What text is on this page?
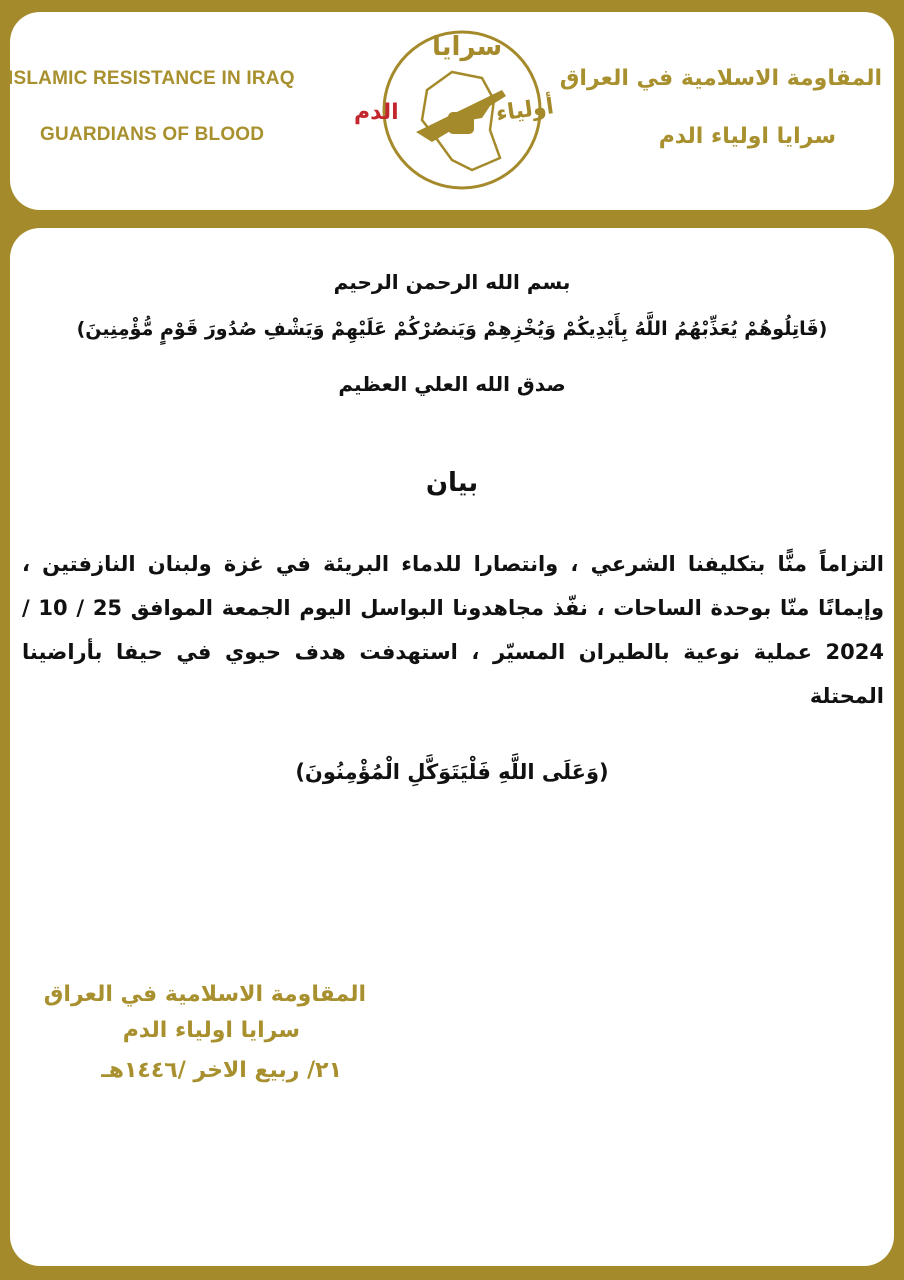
ISLAMIC RESISTANCE IN IRAQ
GUARDIANS OF BLOOD
المقاومة الاسلامية في العراق
سرايا اولياء الدم
سرايا
أولياء
الدم
بسم الله الرحمن الرحيم
(قَاتِلُوهُمْ يُعَذِّبْهُمُ اللَّهُ بِأَيْدِيكُمْ وَيُخْزِهِمْ وَيَنصُرْكُمْ عَلَيْهِمْ وَيَشْفِ صُدُورَ قَوْمٍ مُّؤْمِنِينَ)
صدق الله العلي العظيم
بيان
التزاماً منًّا بتكليفنا الشرعي ، وانتصارا للدماء البريئة في غزة ولبنان النازفتين ، وإيمانًا منّا بوحدة الساحات ، نفّذ مجاهدونا البواسل اليوم الجمعة الموافق 25 / 10 / 2024 عملية نوعية بالطيران المسيّر ، استهدفت هدف حيوي في حيفا بأراضينا المحتلة
(وَعَلَى اللَّهِ فَلْيَتَوَكَّلِ الْمُؤْمِنُونَ)
المقاومة الاسلامية في العراق
سرايا اولياء الدم
٢١/ ربيع الاخر /١٤٤٦هـ
